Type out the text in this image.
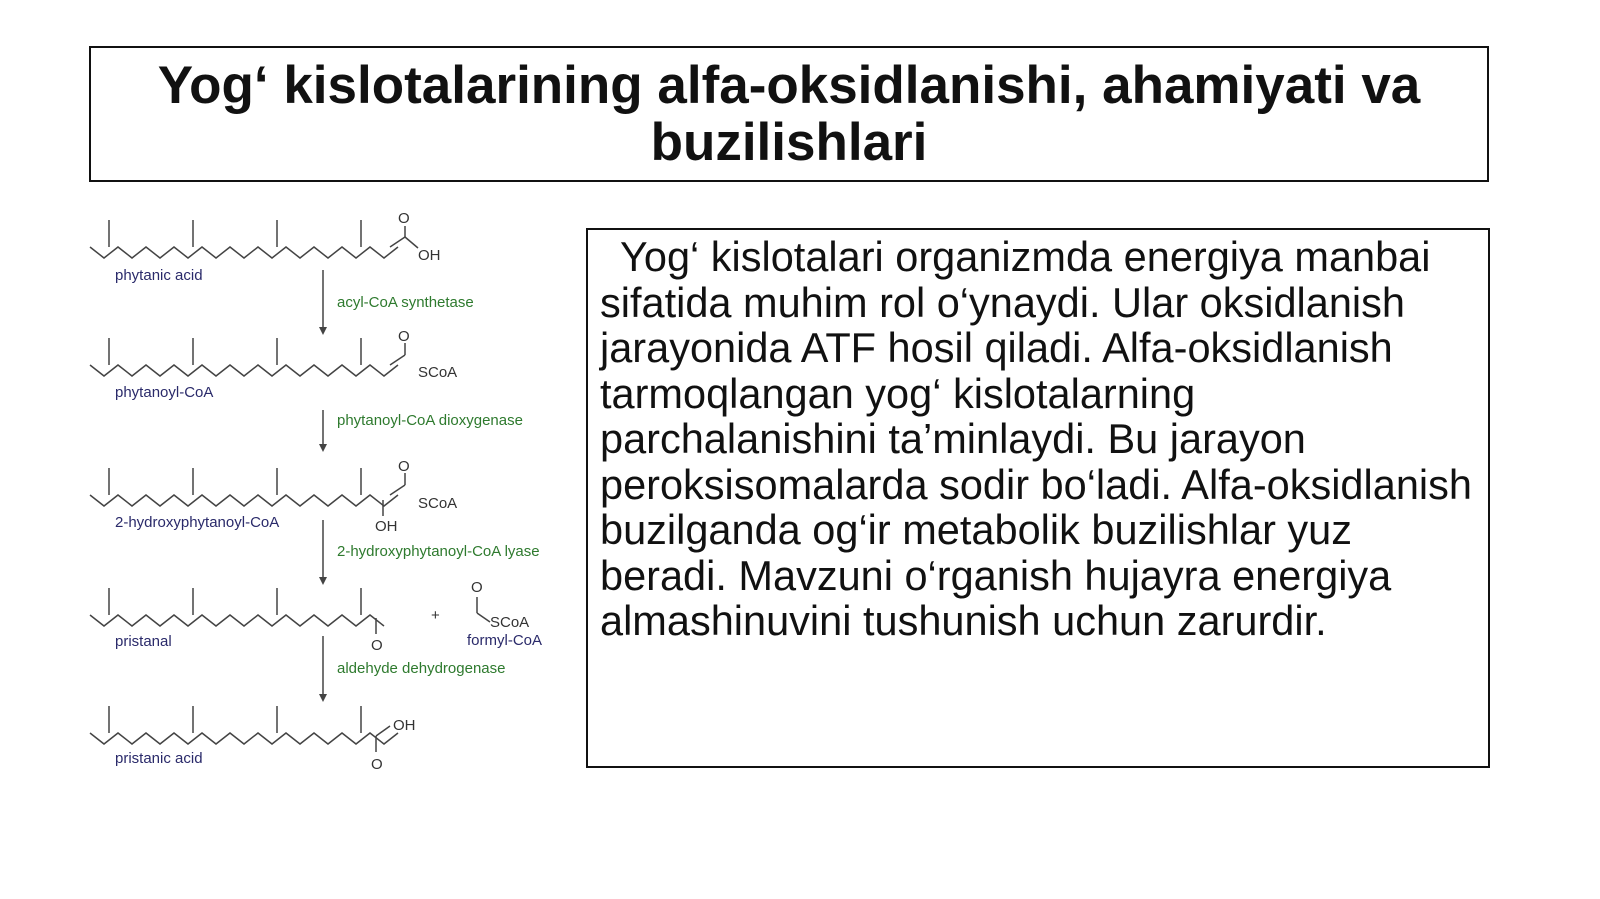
Yog‘ kislotalarining alfa-oksidlanishi, ahamiyati va buzilishlari
phytanic acid
phytanoyl-CoA
2-hydroxyphytanoyl-CoA
pristanal
pristanic acid
O
OH
O
SCoA
O
SCoA
OH
O
+
O
SCoA
formyl-CoA
O
OH
acyl-CoA synthetase
phytanoyl-CoA dioxygenase
2-hydroxyphytanoyl-CoA lyase
aldehyde dehydrogenase

Yog‘ kislotalari organizmda energiya manbai sifatida muhim rol o‘ynaydi. Ular oksidlanish jarayonida ATF hosil qiladi. Alfa-oksidlanish tarmoqlangan yog‘ kislotalarning parchalanishini ta’minlaydi. Bu jarayon peroksisomalarda sodir bo‘ladi. Alfa-oksidlanish buzilganda og‘ir metabolik buzilishlar yuz beradi. Mavzuni o‘rganish hujayra energiya almashinuvini tushunish uchun zarurdir.
